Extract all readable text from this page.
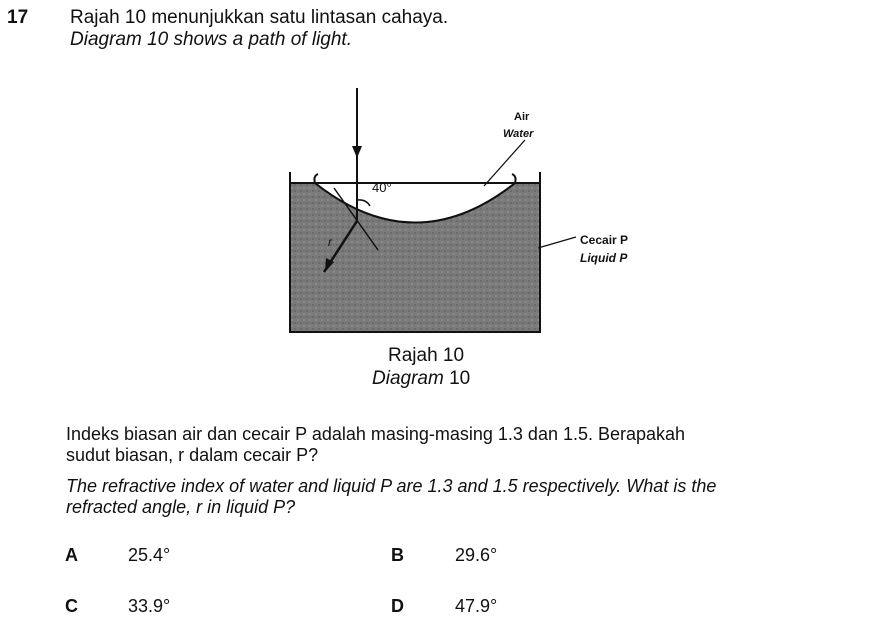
17 Rajah 10 menunjukkan satu lintasan cahaya.
Diagram 10 shows a path of light.
40°
r
Air
Water
Cecair P
Liquid P
Rajah 10
Diagram 10
Indeks biasan air dan cecair P adalah masing-masing 1.3 dan 1.5. Berapakah
sudut biasan, r dalam cecair P?
The refractive index of water and liquid P are 1.3 and 1.5 respectively. What is the
refracted angle, r in liquid P?
A	25.4°	B	29.6°
C	33.9°	D	47.9°
